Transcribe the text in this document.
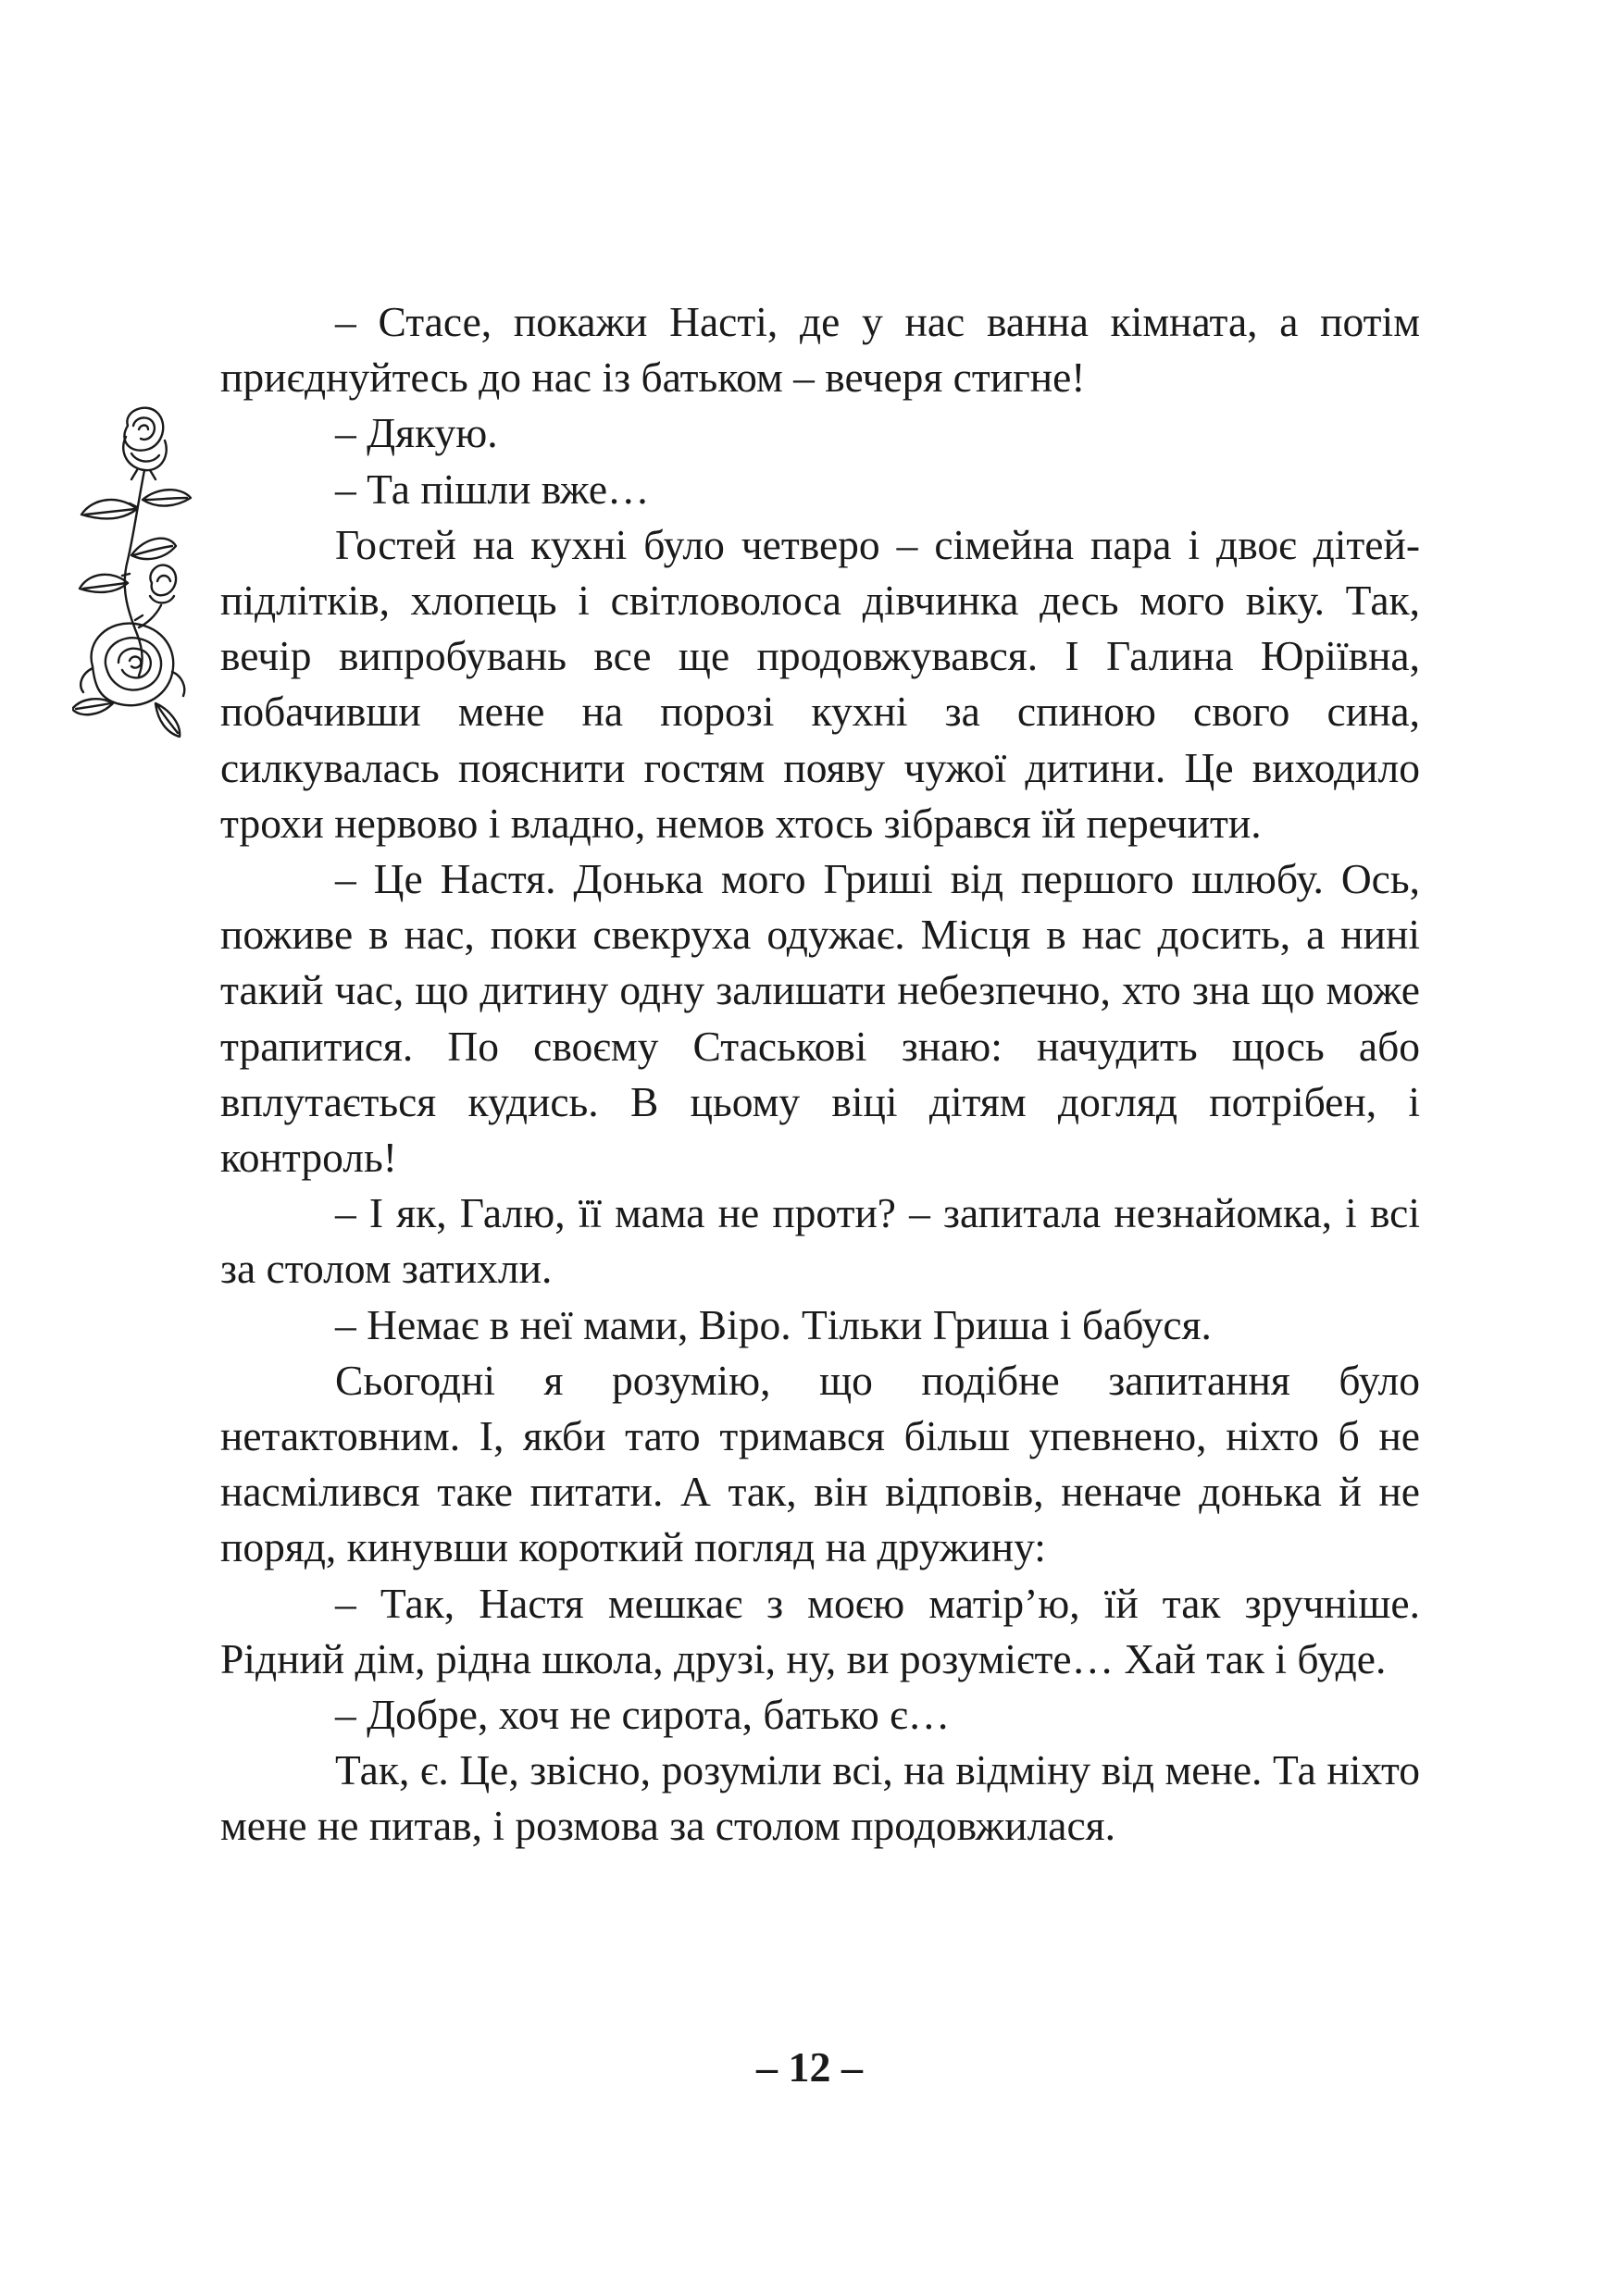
– Стасе, покажи Насті, де у нас ванна кімната, а потім приєднуйтесь до нас із батьком – вечеря стигне!

– Дякую.

– Та пішли вже…

Гостей на кухні було четверо – сімейна пара і двоє дітей-підлітків, хлопець і світловолоса дівчинка десь мого віку. Так, вечір випробувань все ще продовжувався. І Галина Юріївна, побачивши мене на порозі кухні за спиною свого сина, силкувалась пояснити гостям появу чужої дитини. Це виходило трохи нервово і владно, немов хтось зібрався їй перечити.

– Це Настя. Донька мого Гриші від першого шлюбу. Ось, поживе в нас, поки свекруха одужає. Місця в нас досить, а нині такий час, що дитину одну залишати небезпечно, хто зна що може трапитися. По своєму Стаськові знаю: начудить щось або вплутається кудись. В цьому віці дітям догляд потрібен, і контроль!

– І як, Галю, її мама не проти? – запитала незнайомка, і всі за столом затихли.

– Немає в неї мами, Віро. Тільки Гриша і бабуся.

Сьогодні я розумію, що подібне запитання було нетактовним. І, якби тато тримався більш упевнено, ніхто б не насмілився таке питати. А так, він відповів, неначе донька й не поряд, кинувши короткий погляд на дружину:

– Так, Настя мешкає з моєю матір’ю, їй так зручніше. Рідний дім, рідна школа, друзі, ну, ви розумієте… Хай так і буде.

– Добре, хоч не сирота, батько є…

Так, є. Це, звісно, розуміли всі, на відміну від мене. Та ніхто мене не питав, і розмова за столом продовжилася.

– 12 –
